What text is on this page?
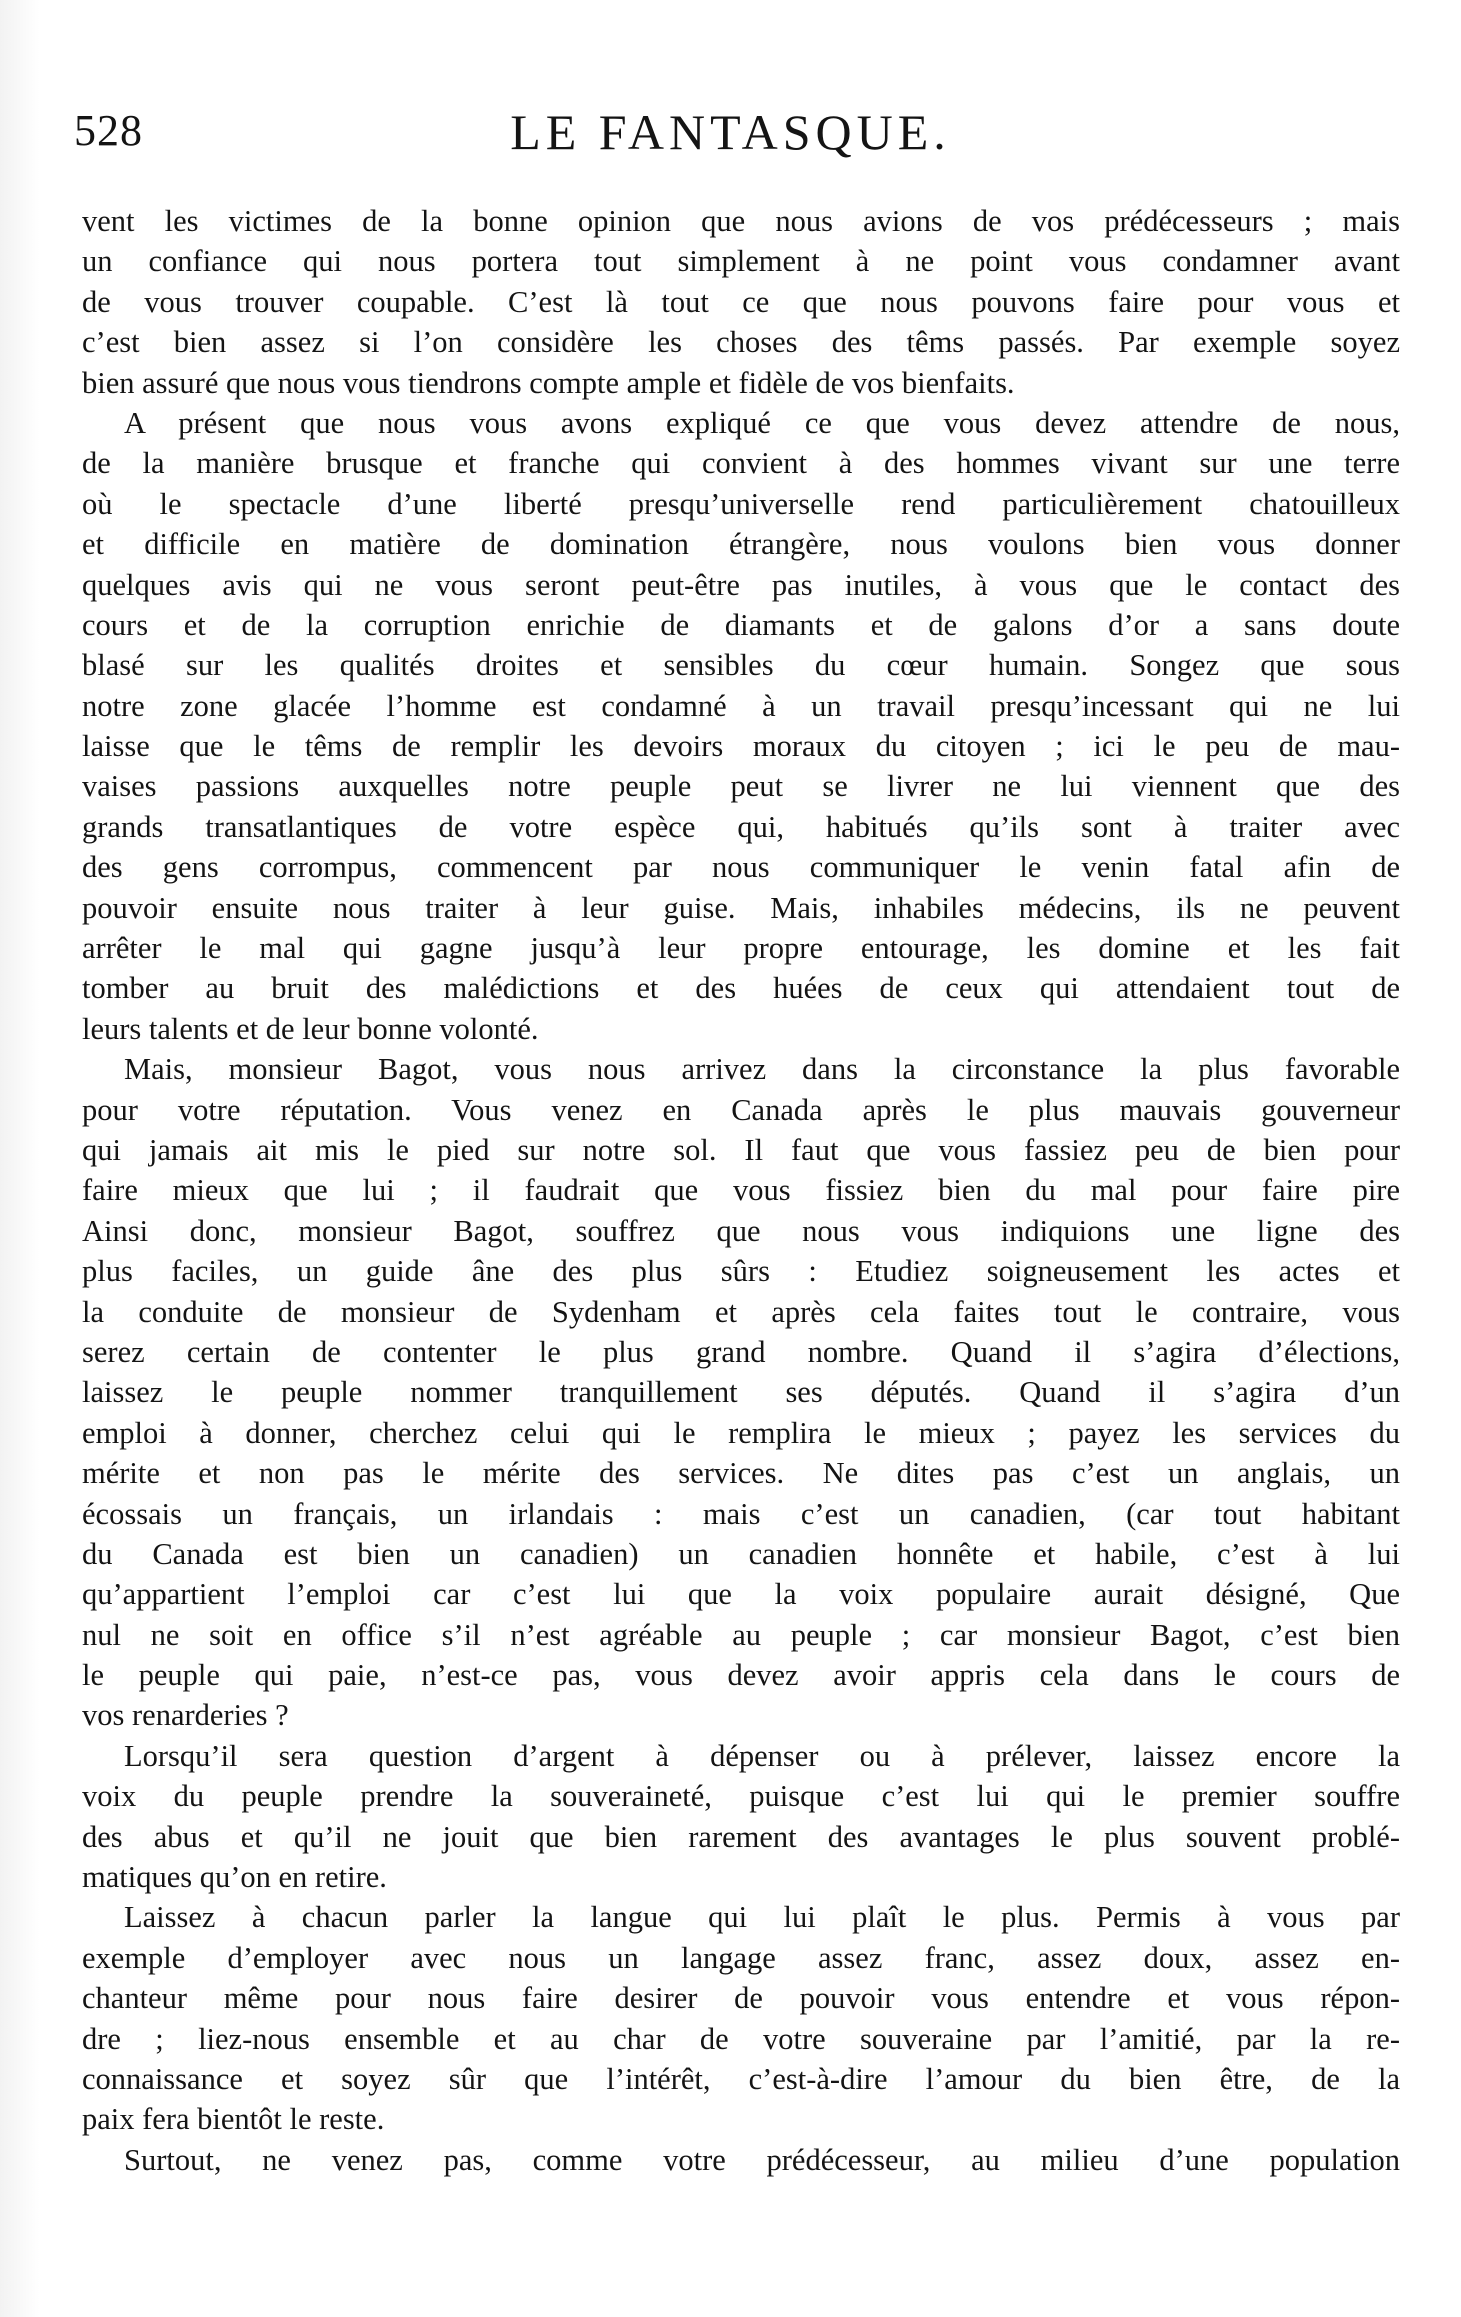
528	LE FANTASQUE.
vent les victimes de la bonne opinion que nous avions de vos prédécesseurs ; mais
un confiance qui nous portera tout simplement à ne point vous condamner avant
de vous trouver coupable. C’est là tout ce que nous pouvons faire pour vous et
c’est bien assez si l’on considère les choses des têms passés. Par exemple soyez
bien assuré que nous vous tiendrons compte ample et fidèle de vos bienfaits.
A présent que nous vous avons expliqué ce que vous devez attendre de nous,
de la manière brusque et franche qui convient à des hommes vivant sur une terre
où le spectacle d’une liberté presqu’universelle rend particulièrement chatouilleux
et difficile en matière de domination étrangère, nous voulons bien vous donner
quelques avis qui ne vous seront peut-être pas inutiles, à vous que le contact des
cours et de la corruption enrichie de diamants et de galons d’or a sans doute
blasé sur les qualités droites et sensibles du cœur humain. Songez que sous
notre zone glacée l’homme est condamné à un travail presqu’incessant qui ne lui
laisse que le têms de remplir les devoirs moraux du citoyen ; ici le peu de mau-
vaises passions auxquelles notre peuple peut se livrer ne lui viennent que des
grands transatlantiques de votre espèce qui, habitués qu’ils sont à traiter avec
des gens corrompus, commencent par nous communiquer le venin fatal afin de
pouvoir ensuite nous traiter à leur guise. Mais, inhabiles médecins, ils ne peuvent
arrêter le mal qui gagne jusqu’à leur propre entourage, les domine et les fait
tomber au bruit des malédictions et des huées de ceux qui attendaient tout de
leurs talents et de leur bonne volonté.
Mais, monsieur Bagot, vous nous arrivez dans la circonstance la plus favorable
pour votre réputation. Vous venez en Canada après le plus mauvais gouverneur
qui jamais ait mis le pied sur notre sol. Il faut que vous fassiez peu de bien pour
faire mieux que lui ; il faudrait que vous fissiez bien du mal pour faire pire
Ainsi donc, monsieur Bagot, souffrez que nous vous indiquions une ligne des
plus faciles, un guide âne des plus sûrs : Etudiez soigneusement les actes et
la conduite de monsieur de Sydenham et après cela faites tout le contraire, vous
serez certain de contenter le plus grand nombre. Quand il s’agira d’élections,
laissez le peuple nommer tranquillement ses députés. Quand il s’agira d’un
emploi à donner, cherchez celui qui le remplira le mieux ; payez les services du
mérite et non pas le mérite des services. Ne dites pas c’est un anglais, un
écossais un français, un irlandais : mais c’est un canadien, (car tout habitant
du Canada est bien un canadien) un canadien honnête et habile, c’est à lui
qu’appartient l’emploi car c’est lui que la voix populaire aurait désigné, Que
nul ne soit en office s’il n’est agréable au peuple ; car monsieur Bagot, c’est bien
le peuple qui paie, n’est-ce pas, vous devez avoir appris cela dans le cours de
vos renarderies ?
Lorsqu’il sera question d’argent à dépenser ou à prélever, laissez encore la
voix du peuple prendre la souveraineté, puisque c’est lui qui le premier souffre
des abus et qu’il ne jouit que bien rarement des avantages le plus souvent problé-
matiques qu’on en retire.
Laissez à chacun parler la langue qui lui plaît le plus. Permis à vous par
exemple d’employer avec nous un langage assez franc, assez doux, assez en-
chanteur même pour nous faire desirer de pouvoir vous entendre et vous répon-
dre ; liez-nous ensemble et au char de votre souveraine par l’amitié, par la re-
connaissance et soyez sûr que l’intérêt, c’est-à-dire l’amour du bien être, de la
paix fera bientôt le reste.
Surtout, ne venez pas, comme votre prédécesseur, au milieu d’une population
